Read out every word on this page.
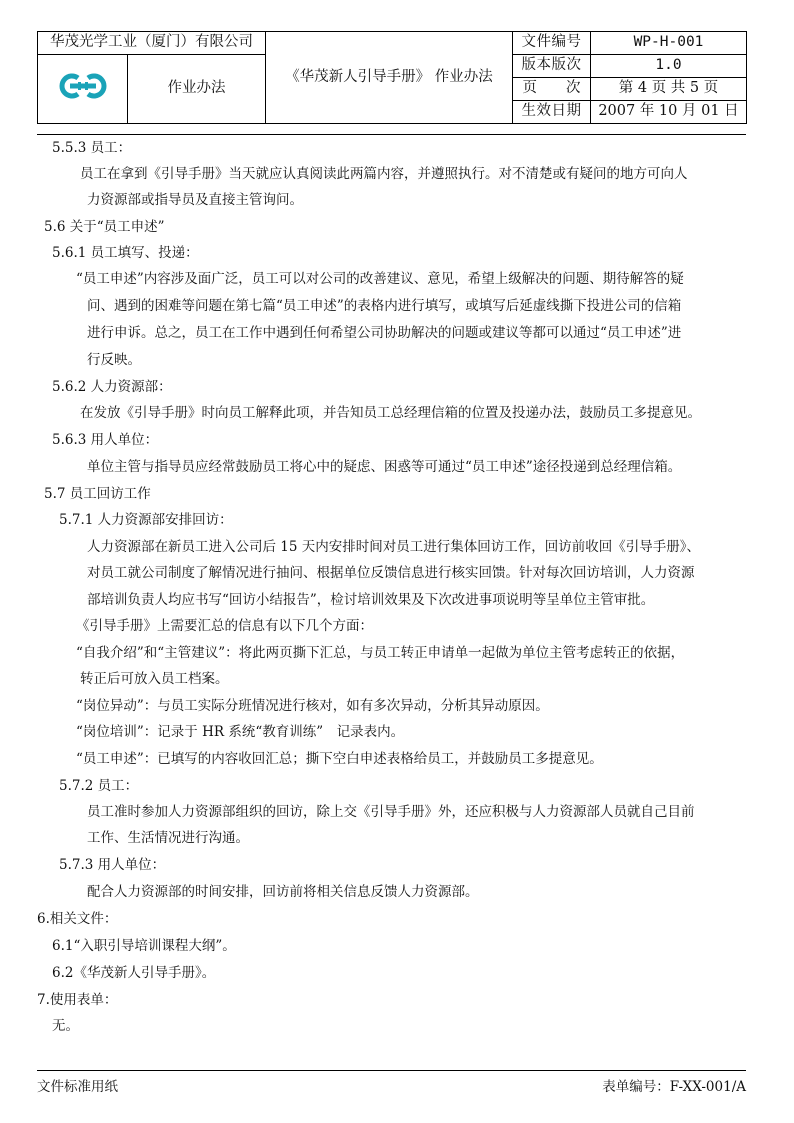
华茂光学工业（厦门）有限公司		《华茂新人引导手册》 作业办法	文件编号	WP-H-001
	作业办法		版本版次	1.0
			页　　次	第 4 页 共 5 页
			生效日期	2007 年 10 月 01 日
5.5.3 员工：
员工在拿到《引导手册》当天就应认真阅读此两篇内容，并遵照执行。对不清楚或有疑问的地方可向人
力资源部或指导员及直接主管询问。
5.6 关于“员工申述”
5.6.1 员工填写、投递：
“员工申述”内容涉及面广泛，员工可以对公司的改善建议、意见，希望上级解决的问题、期待解答的疑
问、遇到的困难等问题在第七篇“员工申述”的表格内进行填写，或填写后延虚线撕下投进公司的信箱
进行申诉。总之，员工在工作中遇到任何希望公司协助解决的问题或建议等都可以通过“员工申述”进
行反映。
5.6.2 人力资源部：
在发放《引导手册》时向员工解释此项，并告知员工总经理信箱的位置及投递办法，鼓励员工多提意见。
5.6.3 用人单位：
单位主管与指导员应经常鼓励员工将心中的疑虑、困惑等可通过“员工申述”途径投递到总经理信箱。
5.7 员工回访工作
5.7.1 人力资源部安排回访：
人力资源部在新员工进入公司后 15 天内安排时间对员工进行集体回访工作，回访前收回《引导手册》、
对员工就公司制度了解情况进行抽问、根据单位反馈信息进行核实回馈。针对每次回访培训，人力资源
部培训负责人均应书写“回访小结报告”，检讨培训效果及下次改进事项说明等呈单位主管审批。
《引导手册》上需要汇总的信息有以下几个方面：
“自我介绍”和“主管建议”：将此两页撕下汇总，与员工转正申请单一起做为单位主管考虑转正的依据，
转正后可放入员工档案。
“岗位异动”：与员工实际分班情况进行核对，如有多次异动，分析其异动原因。
“岗位培训”：记录于 HR 系统“教育训练”　记录表内。
“员工申述”：已填写的内容收回汇总；撕下空白申述表格给员工，并鼓励员工多提意见。
5.7.2 员工：
员工准时参加人力资源部组织的回访，除上交《引导手册》外，还应积极与人力资源部人员就自己目前
工作、生活情况进行沟通。
5.7.3 用人单位：
配合人力资源部的时间安排，回访前将相关信息反馈人力资源部。
6.相关文件：
6.1“入职引导培训课程大纲”。
6.2《华茂新人引导手册》。
7.使用表单：
无。
文件标准用纸	表单编号：F-XX-001/A
